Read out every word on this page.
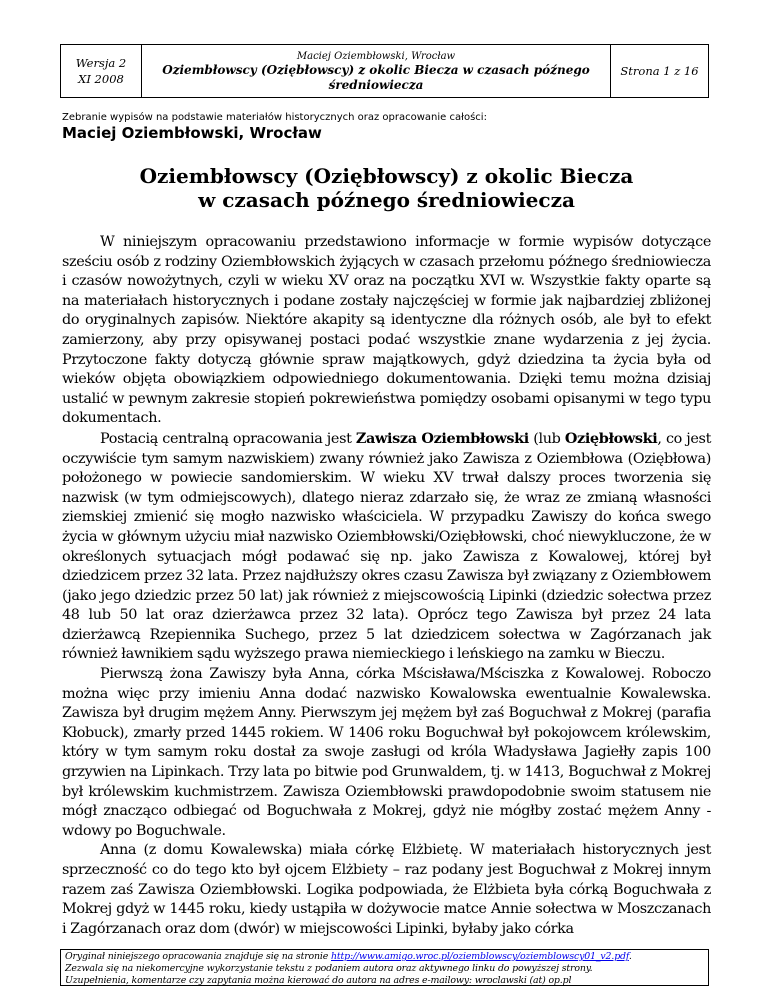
Wersja 2
XI 2008
Maciej Oziembłowski, Wrocław
Oziembłowscy (Oziębłowscy) z okolic Biecza w czasach późnego średniowiecza
Strona 1 z 16
Zebranie wypisów na podstawie materiałów historycznych oraz opracowanie całości:
Maciej Oziembłowski, Wrocław
Oziembłowscy (Oziębłowscy) z okolic Biecza
w czasach późnego średniowiecza

W niniejszym opracowaniu przedstawiono informacje w formie wypisów dotyczące sześciu osób z rodziny Oziembłowskich żyjących w czasach przełomu późnego średniowiecza i czasów nowożytnych, czyli w wieku XV oraz na początku XVI w. Wszystkie fakty oparte są na materiałach historycznych i podane zostały najczęściej w formie jak najbardziej zbliżonej do oryginalnych zapisów. Niektóre akapity są identyczne dla różnych osób, ale był to efekt zamierzony, aby przy opisywanej postaci podać wszystkie znane wydarzenia z jej życia. Przytoczone fakty dotyczą głównie spraw majątkowych, gdyż dziedzina ta życia była od wieków objęta obowiązkiem odpowiedniego dokumentowania. Dzięki temu można dzisiaj ustalić w pewnym zakresie stopień pokrewieństwa pomiędzy osobami opisanymi w tego typu dokumentach.

Postacią centralną opracowania jest Zawisza Oziembłowski (lub Oziębłowski, co jest oczywiście tym samym nazwiskiem) zwany również jako Zawisza z Oziembłowa (Oziębłowa) położonego w powiecie sandomierskim. W wieku XV trwał dalszy proces tworzenia się nazwisk (w tym odmiejscowych), dlatego nieraz zdarzało się, że wraz ze zmianą własności ziemskiej zmienić się mogło nazwisko właściciela. W przypadku Zawiszy do końca swego życia w głównym użyciu miał nazwisko Oziembłowski/Oziębłowski, choć niewykluczone, że w określonych sytuacjach mógł podawać się np. jako Zawisza z Kowalowej, której był dziedzicem przez 32 lata. Przez najdłuższy okres czasu Zawisza był związany z Oziembłowem (jako jego dziedzic przez 50 lat) jak również z miejscowością Lipinki (dziedzic sołectwa przez 48 lub 50 lat oraz dzierżawca przez 32 lata). Oprócz tego Zawisza był przez 24 lata dzierżawcą Rzepiennika Suchego, przez 5 lat dziedzicem sołectwa w Zagórzanach jak również ławnikiem sądu wyższego prawa niemieckiego i leńskiego na zamku w Bieczu.

Pierwszą żona Zawiszy była Anna, córka Mścisława/Mściszka z Kowalowej. Roboczo można więc przy imieniu Anna dodać nazwisko Kowalowska ewentualnie Kowalewska. Zawisza był drugim mężem Anny. Pierwszym jej mężem był zaś Boguchwał z Mokrej (parafia Kłobuck), zmarły przed 1445 rokiem. W 1406 roku Boguchwał był pokojowcem królewskim, który w tym samym roku dostał za swoje zasługi od króla Władysława Jagiełły zapis 100 grzywien na Lipinkach. Trzy lata po bitwie pod Grunwaldem, tj. w 1413, Boguchwał z Mokrej był królewskim kuchmistrzem. Zawisza Oziembłowski prawdopodobnie swoim statusem nie mógł znacząco odbiegać od Boguchwała z Mokrej, gdyż nie mógłby zostać mężem Anny - wdowy po Boguchwale.

Anna (z domu Kowalewska) miała córkę Elżbietę. W materiałach historycznych jest sprzeczność co do tego kto był ojcem Elżbiety – raz podany jest Boguchwał z Mokrej innym razem zaś Zawisza Oziembłowski. Logika podpowiada, że Elżbieta była córką Boguchwała z Mokrej gdyż w 1445 roku, kiedy ustąpiła w dożywocie matce Annie sołectwa w Moszczanach i Zagórzanach oraz dom (dwór) w miejscowości Lipinki, byłaby jako córka

Oryginał niniejszego opracowania znajduje się na stronie http://www.amigo.wroc.pl/oziemblowscy/oziemblowscy01_v2.pdf.
Zezwala się na niekomercyjne wykorzystanie tekstu z podaniem autora oraz aktywnego linku do powyższej strony.
Uzupełnienia, komentarze czy zapytania można kierować do autora na adres e-mailowy: wroclawski (at) op.pl
